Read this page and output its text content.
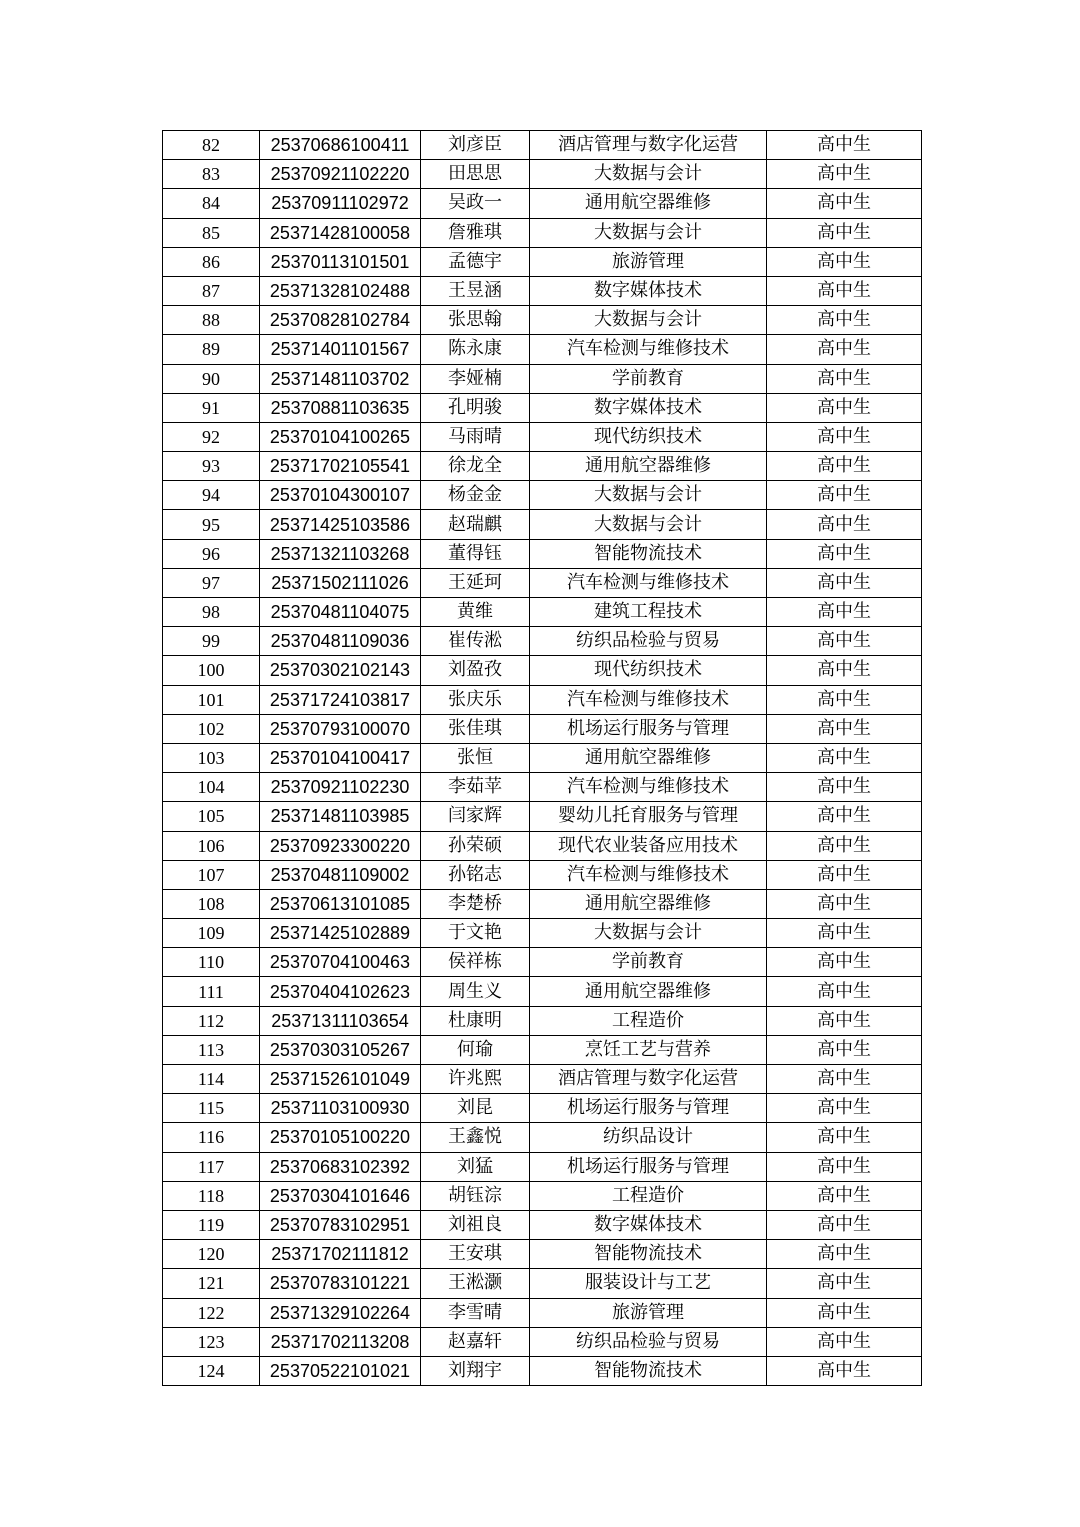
82	25370686100411	刘彦臣	酒店管理与数字化运营	高中生
83	25370921102220	田思思	大数据与会计	高中生
84	25370911102972	吴政一	通用航空器维修	高中生
85	25371428100058	詹雅琪	大数据与会计	高中生
86	25370113101501	孟德宇	旅游管理	高中生
87	25371328102488	王昱涵	数字媒体技术	高中生
88	25370828102784	张思翰	大数据与会计	高中生
89	25371401101567	陈永康	汽车检测与维修技术	高中生
90	25371481103702	李娅楠	学前教育	高中生
91	25370881103635	孔明骏	数字媒体技术	高中生
92	25370104100265	马雨晴	现代纺织技术	高中生
93	25371702105541	徐龙全	通用航空器维修	高中生
94	25370104300107	杨金金	大数据与会计	高中生
95	25371425103586	赵瑞麒	大数据与会计	高中生
96	25371321103268	董得钰	智能物流技术	高中生
97	25371502111026	王延珂	汽车检测与维修技术	高中生
98	25370481104075	黄维	建筑工程技术	高中生
99	25370481109036	崔传淞	纺织品检验与贸易	高中生
100	25370302102143	刘盈孜	现代纺织技术	高中生
101	25371724103817	张庆乐	汽车检测与维修技术	高中生
102	25370793100070	张佳琪	机场运行服务与管理	高中生
103	25370104100417	张恒	通用航空器维修	高中生
104	25370921102230	李茹苹	汽车检测与维修技术	高中生
105	25371481103985	闫家辉	婴幼儿托育服务与管理	高中生
106	25370923300220	孙荣硕	现代农业装备应用技术	高中生
107	25370481109002	孙铭志	汽车检测与维修技术	高中生
108	25370613101085	李楚桥	通用航空器维修	高中生
109	25371425102889	于文艳	大数据与会计	高中生
110	25370704100463	侯祥栋	学前教育	高中生
111	25370404102623	周生义	通用航空器维修	高中生
112	25371311103654	杜康明	工程造价	高中生
113	25370303105267	何瑜	烹饪工艺与营养	高中生
114	25371526101049	许兆熙	酒店管理与数字化运营	高中生
115	25371103100930	刘昆	机场运行服务与管理	高中生
116	25370105100220	王鑫悦	纺织品设计	高中生
117	25370683102392	刘猛	机场运行服务与管理	高中生
118	25370304101646	胡钰淙	工程造价	高中生
119	25370783102951	刘祖良	数字媒体技术	高中生
120	25371702111812	王安琪	智能物流技术	高中生
121	25370783101221	王淞灏	服装设计与工艺	高中生
122	25371329102264	李雪晴	旅游管理	高中生
123	25371702113208	赵嘉轩	纺织品检验与贸易	高中生
124	25370522101021	刘翔宇	智能物流技术	高中生
